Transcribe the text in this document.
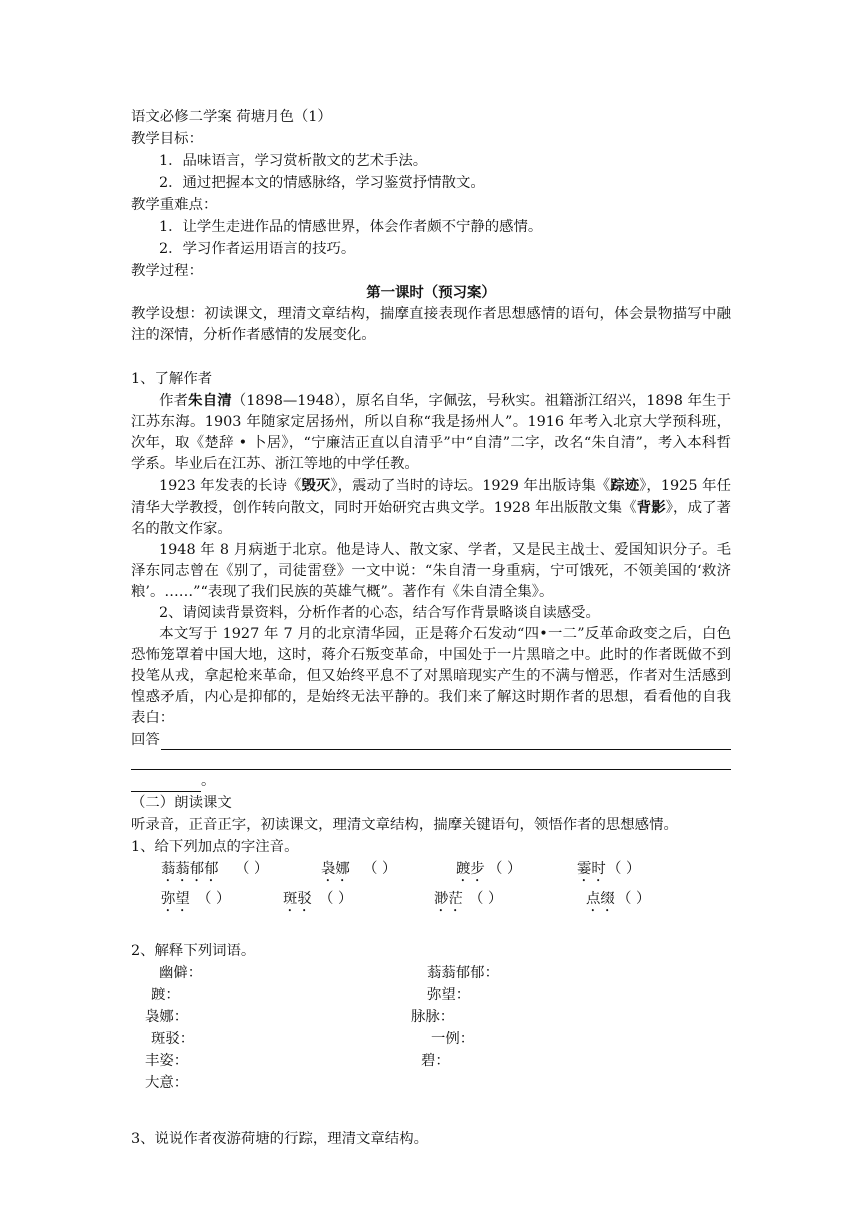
语文必修二学案 荷塘月色（1）
教学目标：
1．品味语言，学习赏析散文的艺术手法。
2．通过把握本文的情感脉络，学习鉴赏抒情散文。
教学重难点：
1．让学生走进作品的情感世界，体会作者颇不宁静的感情。
2．学习作者运用语言的技巧。
教学过程：
第一课时（预习案）
教学设想：初读课文，理清文章结构，揣摩直接表现作者思想感情的语句，体会景物描写中融注的深情，分析作者感情的发展变化。
1、了解作者
作者朱自清（1898—1948），原名自华，字佩弦，号秋实。祖籍浙江绍兴，1898 年生于江苏东海。1903 年随家定居扬州，所以自称“我是扬州人”。1916 年考入北京大学预科班，次年，取《楚辞 • 卜居》，“宁廉洁正直以自清乎”中“自清”二字，改名“朱自清”，考入本科哲学系。毕业后在江苏、浙江等地的中学任教。
1923 年发表的长诗《毁灭》，震动了当时的诗坛。1929 年出版诗集《踪迹》，1925 年任清华大学教授，创作转向散文，同时开始研究古典文学。1928 年出版散文集《背影》，成了著名的散文作家。
1948 年 8 月病逝于北京。他是诗人、散文家、学者，又是民主战士、爱国知识分子。毛泽东同志曾在《别了，司徒雷登》一文中说：“朱自清一身重病，宁可饿死，不领美国的‘救济粮’。……”“表现了我们民族的英雄气概”。著作有《朱自清全集》。
2、请阅读背景资料，分析作者的心态，结合写作背景略谈自读感受。
本文写于 1927 年 7 月的北京清华园，正是蒋介石发动“四•一二”反革命政变之后，白色恐怖笼罩着中国大地，这时，蒋介石叛变革命，中国处于一片黑暗之中。此时的作者既做不到投笔从戎，拿起枪来革命，但又始终平息不了对黑暗现实产生的不满与憎恶，作者对生活感到惶惑矛盾，内心是抑郁的，是始终无法平静的。我们来了解这时期作者的思想，看看他的自我表白：
回答
。
（二）朗读课文
听录音，正音正字，初读课文，理清文章结构，揣摩关键语句，领悟作者的思想感情。
1、给下列加点的字注音。
蓊蓊郁郁 （ ）	袅娜 （ ）	踱步 （ ）	霎时 （ ）
弥望 （ ）	斑驳 （ ）	渺茫 （ ）	点缀 （ ）
2、解释下列词语。
幽僻：	蓊蓊郁郁：
踱：	弥望：
袅娜：	脉脉：
斑驳：	一例：
丰姿：	碧：
大意：
3、说说作者夜游荷塘的行踪，理清文章结构。
